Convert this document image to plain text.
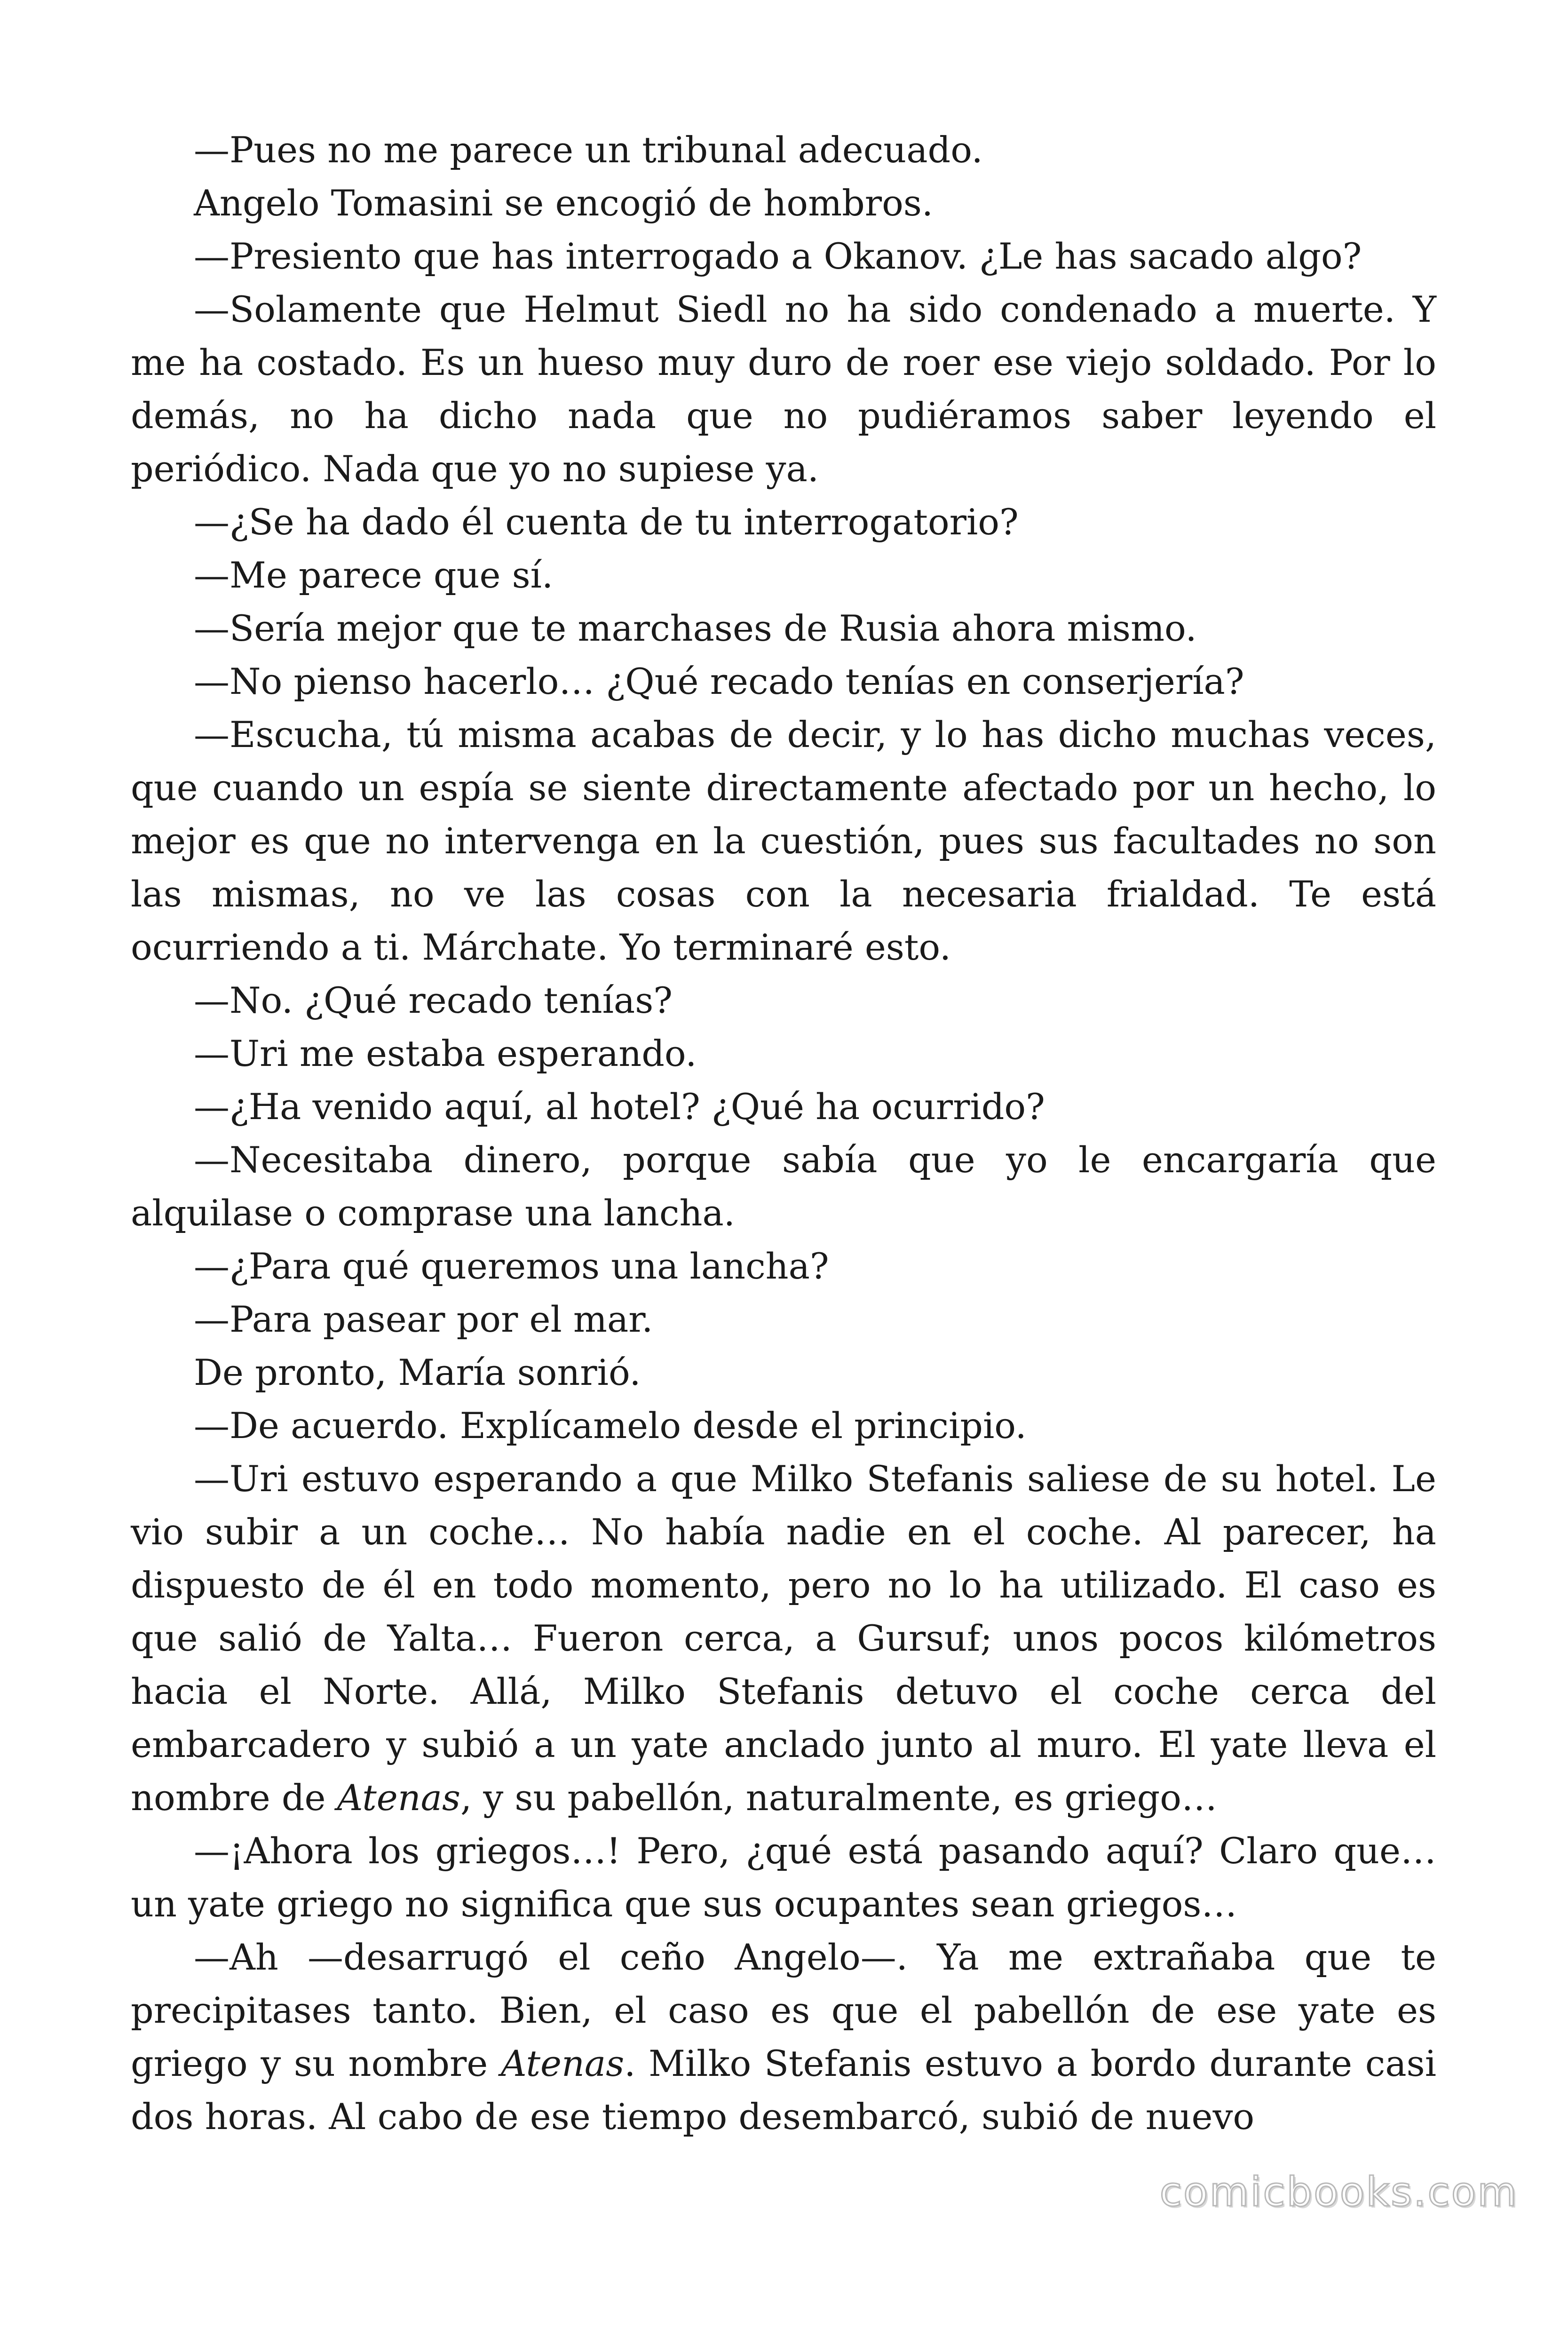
—Pues no me parece un tribunal adecuado.

Angelo Tomasini se encogió de hombros.

—Presiento que has interrogado a Okanov. ¿Le has sacado algo?

—Solamente que Helmut Siedl no ha sido condenado a muerte. Y me ha costado. Es un hueso muy duro de roer ese viejo soldado. Por lo demás, no ha dicho nada que no pudiéramos saber leyendo el periódico. Nada que yo no supiese ya.

—¿Se ha dado él cuenta de tu interrogatorio?

—Me parece que sí.

—Sería mejor que te marchases de Rusia ahora mismo.

—No pienso hacerlo… ¿Qué recado tenías en conserjería?

—Escucha, tú misma acabas de decir, y lo has dicho muchas veces, que cuando un espía se siente directamente afectado por un hecho, lo mejor es que no intervenga en la cuestión, pues sus facultades no son las mismas, no ve las cosas con la necesaria frialdad. Te está ocurriendo a ti. Márchate. Yo terminaré esto.

—No. ¿Qué recado tenías?

—Uri me estaba esperando.

—¿Ha venido aquí, al hotel? ¿Qué ha ocurrido?

—Necesitaba dinero, porque sabía que yo le encargaría que alquilase o comprase una lancha.

—¿Para qué queremos una lancha?

—Para pasear por el mar.

De pronto, María sonrió.

—De acuerdo. Explícamelo desde el principio.

—Uri estuvo esperando a que Milko Stefanis saliese de su hotel. Le vio subir a un coche… No había nadie en el coche. Al parecer, ha dispuesto de él en todo momento, pero no lo ha utilizado. El caso es que salió de Yalta… Fueron cerca, a Gursuf; unos pocos kilómetros hacia el Norte. Allá, Milko Stefanis detuvo el coche cerca del embarcadero y subió a un yate anclado junto al muro. El yate lleva el nombre de Atenas, y su pabellón, naturalmente, es griego…

—¡Ahora los griegos…! Pero, ¿qué está pasando aquí? Claro que… un yate griego no significa que sus ocupantes sean griegos…

—Ah —desarrugó el ceño Angelo—. Ya me extrañaba que te precipitases tanto. Bien, el caso es que el pabellón de ese yate es griego y su nombre Atenas. Milko Stefanis estuvo a bordo durante casi dos horas. Al cabo de ese tiempo desembarcó, subió de nuevo

comicbooks.com
